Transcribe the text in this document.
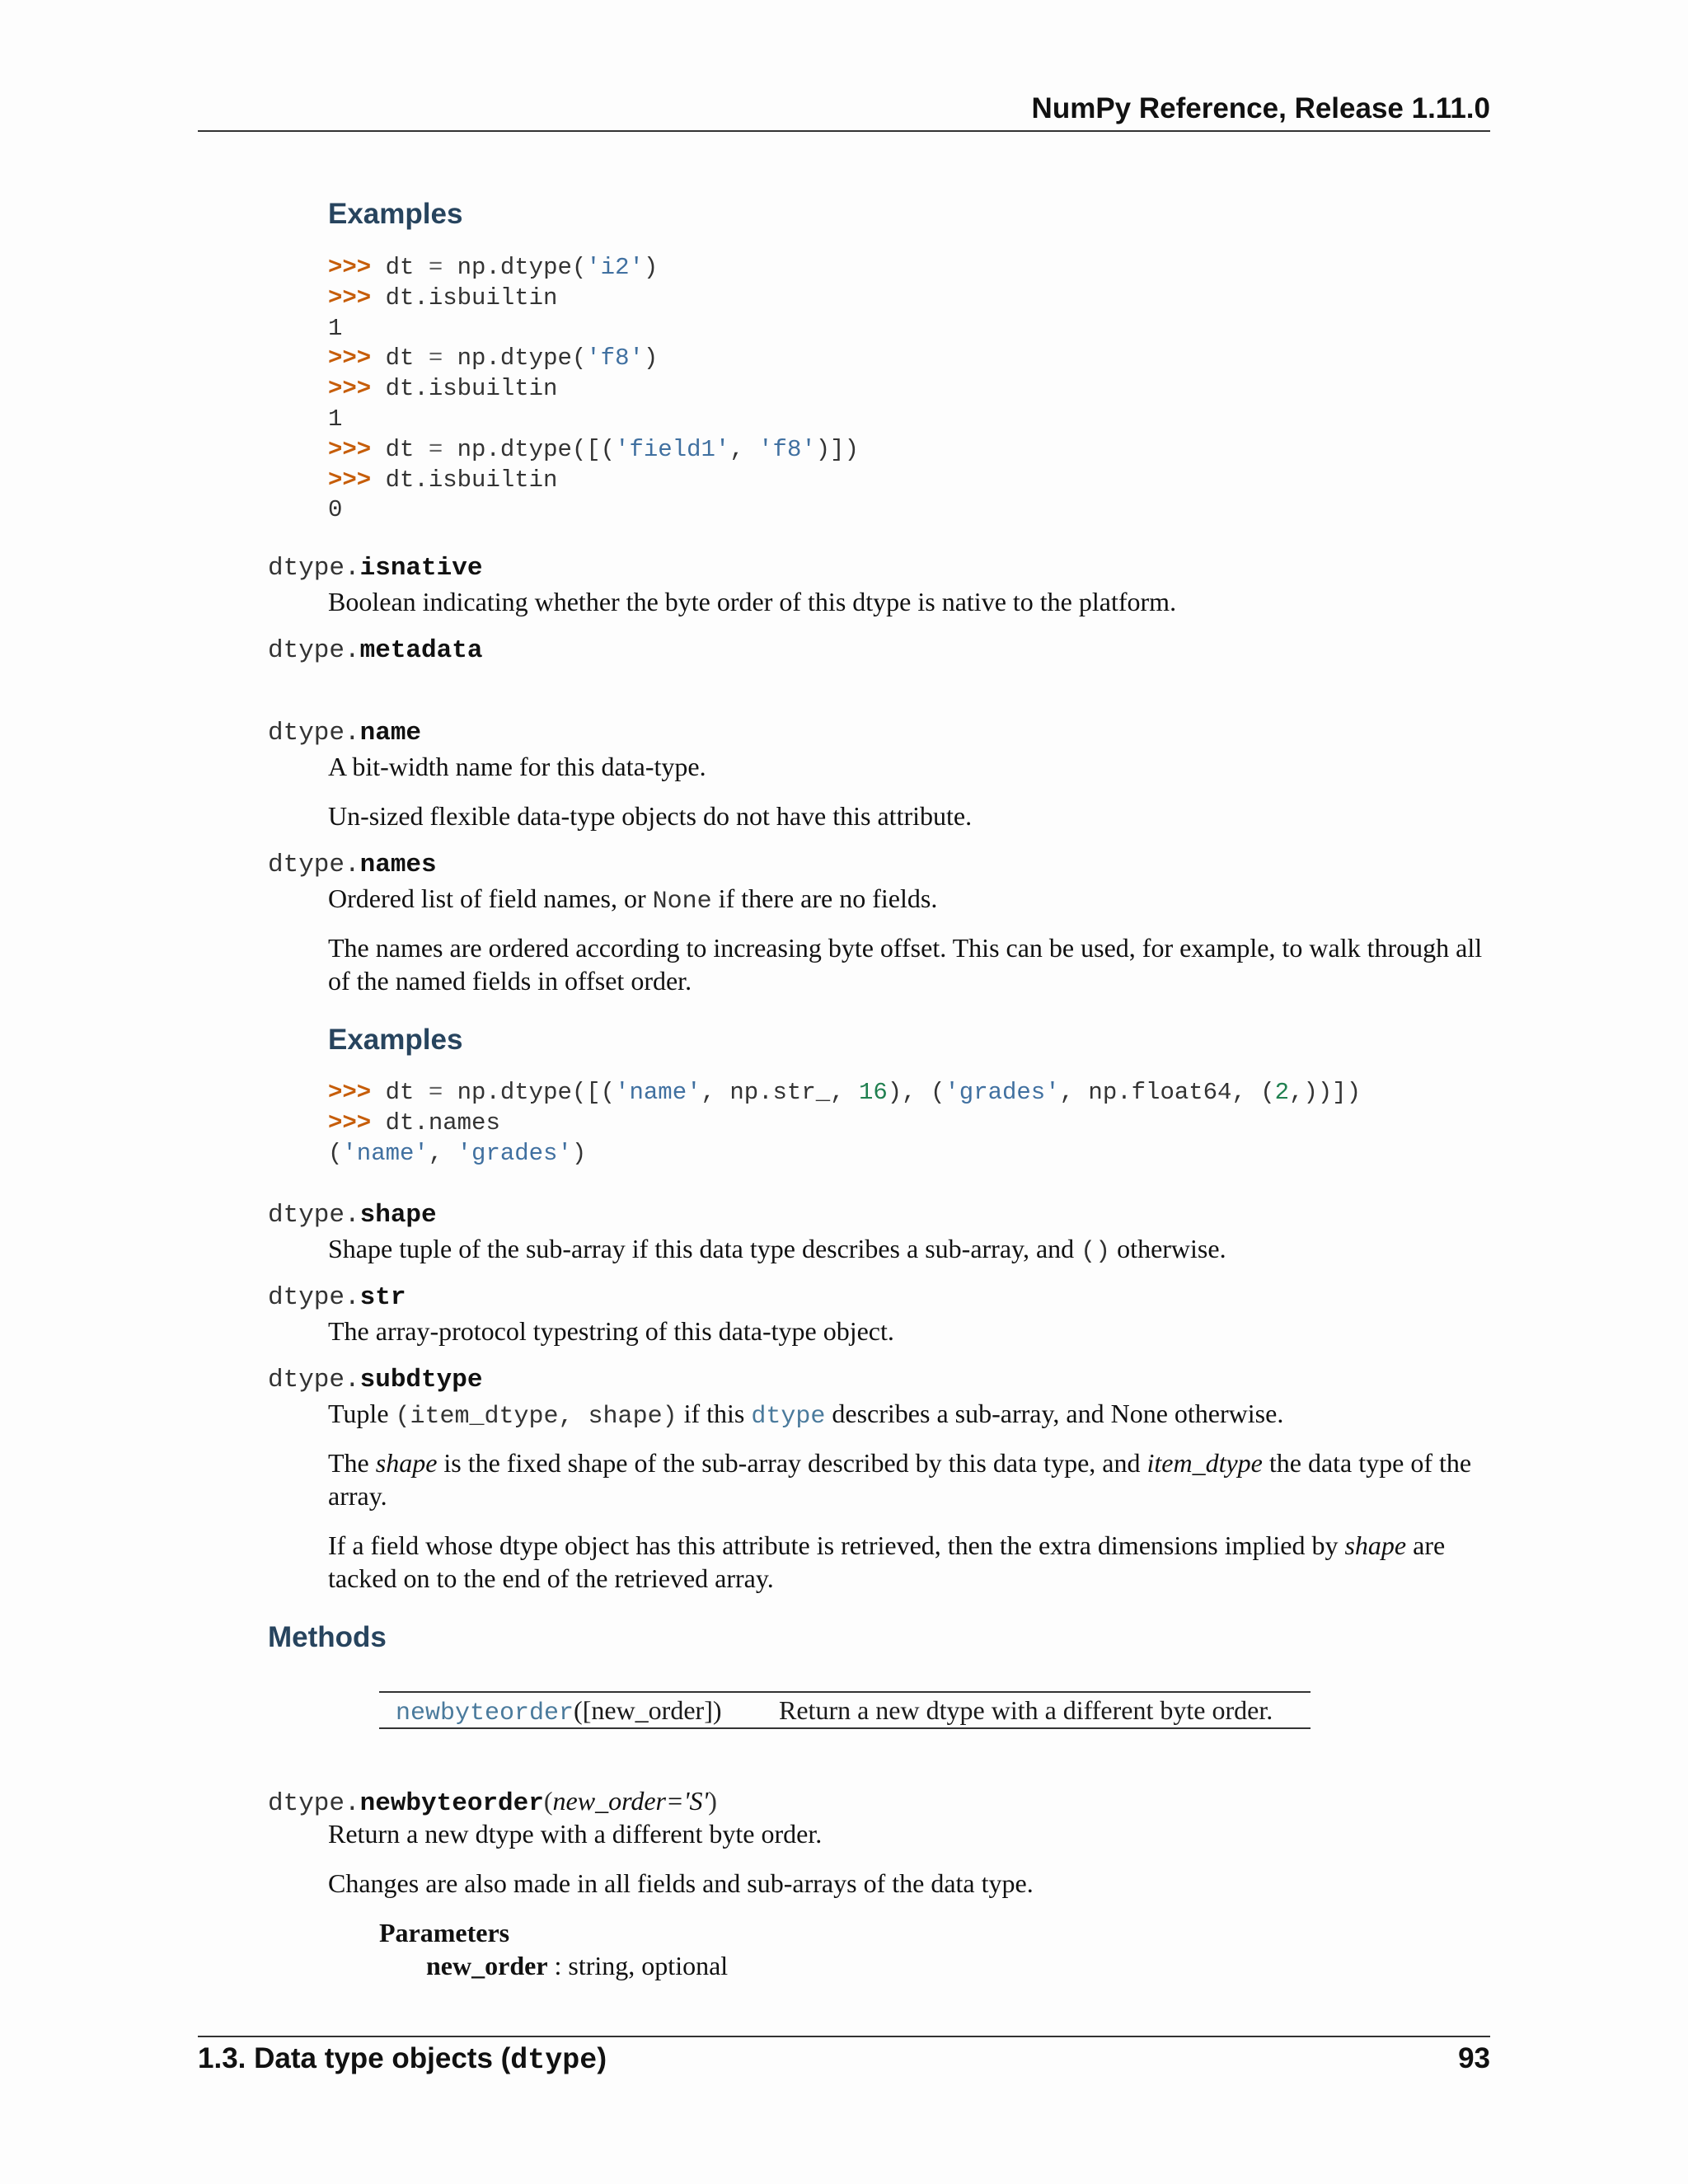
NumPy Reference, Release 1.11.0
Examples
>>> dt = np.dtype('i2')
>>> dt.isbuiltin
1
>>> dt = np.dtype('f8')
>>> dt.isbuiltin
1
>>> dt = np.dtype([('field1', 'f8')])
>>> dt.isbuiltin
0
dtype.isnative
Boolean indicating whether the byte order of this dtype is native to the platform.
dtype.metadata
dtype.name
A bit-width name for this data-type.
Un-sized flexible data-type objects do not have this attribute.
dtype.names
Ordered list of field names, or None if there are no fields.
The names are ordered according to increasing byte offset. This can be used, for example, to walk through all of the named fields in offset order.
Examples
>>> dt = np.dtype([('name', np.str_, 16), ('grades', np.float64, (2,))])
>>> dt.names
('name', 'grades')
dtype.shape
Shape tuple of the sub-array if this data type describes a sub-array, and () otherwise.
dtype.str
The array-protocol typestring of this data-type object.
dtype.subdtype
Tuple (item_dtype, shape) if this dtype describes a sub-array, and None otherwise.
The shape is the fixed shape of the sub-array described by this data type, and item_dtype the data type of the array.
If a field whose dtype object has this attribute is retrieved, then the extra dimensions implied by shape are tacked on to the end of the retrieved array.
Methods
newbyteorder([new_order]) Return a new dtype with a different byte order.
dtype.newbyteorder(new_order='S')
Return a new dtype with a different byte order.
Changes are also made in all fields and sub-arrays of the data type.
Parameters
new_order : string, optional
1.3. Data type objects (dtype)	93
